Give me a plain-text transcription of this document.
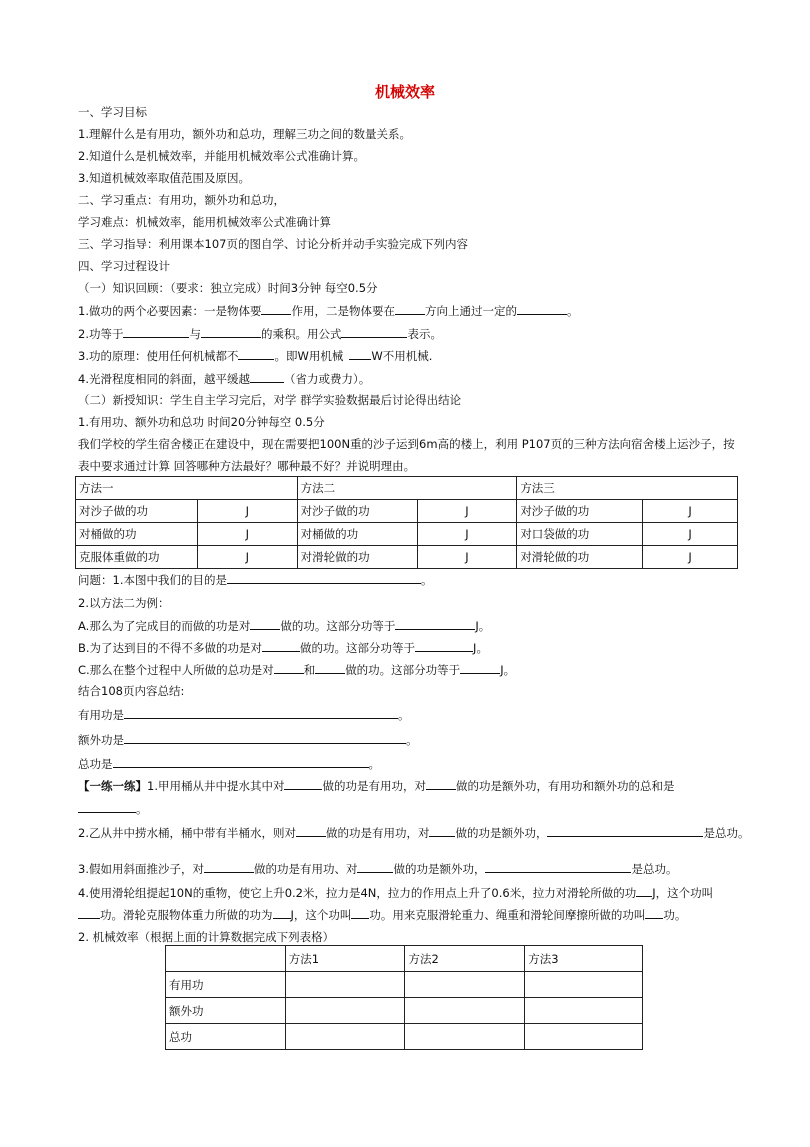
机械效率
一、学习目标
1.理解什么是有用功，额外功和总功，理解三功之间的数量关系。
2.知道什么是机械效率，并能用机械效率公式准确计算。
3.知道机械效率取值范围及原因。
二、学习重点：有用功，额外功和总功，
学习难点：机械效率，能用机械效率公式准确计算
三、学习指导：利用课本107页的图自学、讨论分析并动手实验完成下列内容
四、学习过程设计
（一）知识回顾：（要求：独立完成）时间3分钟 每空0.5分
1.做功的两个必要因素：一是物体要	作用，二是物体要在	方向上通过一定的	。
2.功等于	与	的乘积。用公式	表示。
3.功的原理：使用任何机械都不	。即W用机械 W不用机械.
4.光滑程度相同的斜面，越平缓越	（省力或费力）。
（二）新授知识：学生自主学习完后，对学 群学实验数据最后讨论得出结论
1.有用功、额外功和总功 时间20分钟每空 0.5分
我们学校的学生宿舍楼正在建设中，现在需要把100N重的沙子运到6m高的楼上，利用 P107页的三种方法向宿舍楼上运沙子，按
表中要求通过计算 回答哪种方法最好？哪种最不好？并说明理由。
方法一		方法二		方法三	
对沙子做的功	J	对沙子做的功	J	对沙子做的功	J
对桶做的功	J	对桶做的功	J	对口袋做的功	J
克服体重做的功	J	对滑轮做的功	J	对滑轮做的功	J
问题：1.本图中我们的目的是	。
2.以方法二为例：
A.那么为了完成目的而做的功是对	做的功。这部分功等于	J。
B.为了达到目的不得不多做的功是对	做的功。这部分功等于	J。
C.那么在整个过程中人所做的总功是对	和	做的功。这部分功等于	J。
结合108页内容总结:
有用功是	。
额外功是	。
总功是	。
【一练一练】1.甲用桶从井中提水其中对	做的功是有用功，对	做的功是额外功，有用功和额外功的总和是
。
2.乙从井中捞水桶，桶中带有半桶水，则对	做的功是有用功，对 做的功是额外功，	是总功。
3.假如用斜面推沙子，对	做的功是有用功、对	做的功是额外功，	是总功。
4.使用滑轮组提起10N的重物，使它上升0.2米，拉力是4N，拉力的作用点上升了0.6米，拉力对滑轮所做的功 J，这个功叫
功。滑轮克服物体重力所做的功为 J，这个功叫 功。用来克服滑轮重力、绳重和滑轮间摩擦所做的功叫 功。
2. 机械效率（根据上面的计算数据完成下列表格）
	方法1	方法2	方法3
有用功			
额外功			
总功			
